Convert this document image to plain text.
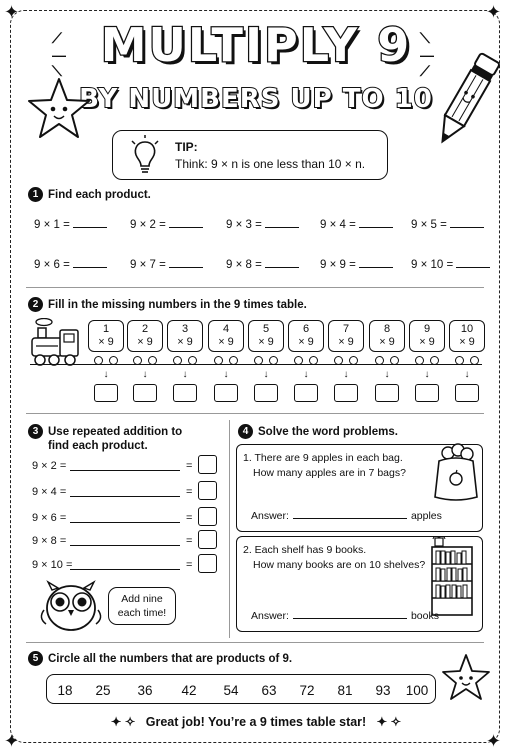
✦	✦
✦	✦
⟋
—
⟍
⟍
—
⟋
MULTIPLY 9
BY NUMBERS UP TO 10
TIP:
Think: 9 × n is one less than 10 × n.
1 Find each product.
9 × 1 =	9 × 2 =	9 × 3 =	9 × 4 =	9 × 5 =
9 × 6 =	9 × 7 =	9 × 8 =	9 × 9 =	9 × 10 =
2 Fill in the missing numbers in the 9 times table.
1
× 9
2
× 9
3
× 9
4
× 9
5
× 9
6
× 9
7
× 9
8
× 9
9
× 9
10
× 9
↓	↓	↓	↓	↓	↓	↓	↓	↓	↓
3 Use repeated addition to
find each product.
9 × 2 =	=
9 × 4 =	=
9 × 6 =	=
9 × 8 =	=
9 × 10 =	=
Add nine
each time!
4 Solve the word problems.
1. There are 9 apples in each bag.
How many apples are in 7 bags?
Answer:	apples
2. Each shelf has 9 books.
How many books are on 10 shelves?
Answer:	books
5 Circle all the numbers that are products of 9.
18	25	36	42	54	63	72	81	93	100
✦ ✧ Great job! You’re a 9 times table star! ✦ ✧
